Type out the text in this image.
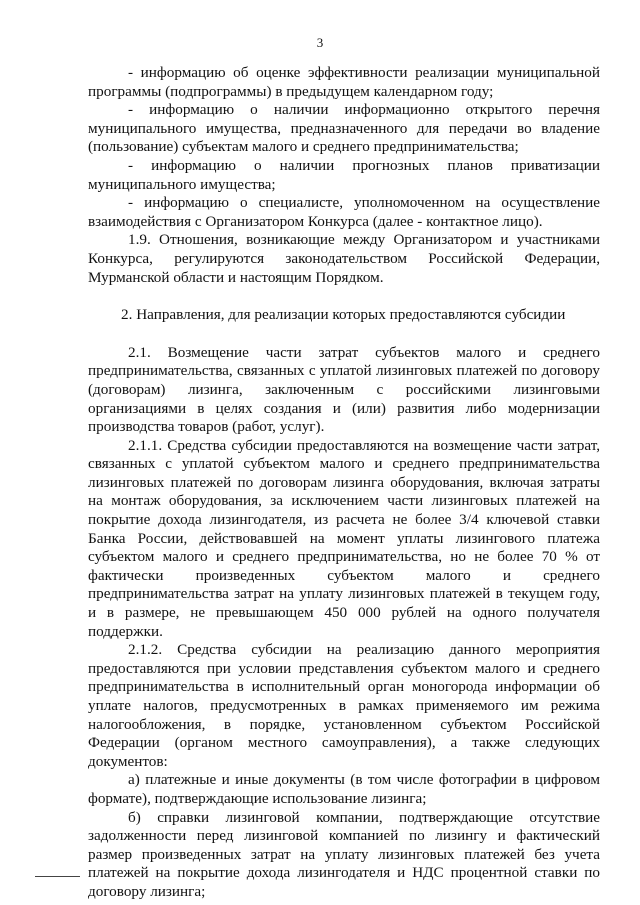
3

- информацию об оценке эффективности реализации муниципальной программы (подпрограммы) в предыдущем календарном году;

- информацию о наличии информационно открытого перечня муниципального имущества, предназначенного для передачи во владение (пользование) субъектам малого и среднего предпринимательства;

- информацию о наличии прогнозных планов приватизации муниципального имущества;

- информацию о специалисте, уполномоченном на осуществление взаимодействия с Организатором Конкурса (далее - контактное лицо).

1.9. Отношения, возникающие между Организатором и участниками Конкурса, регулируются законодательством Российской Федерации, Мурманской области и настоящим Порядком.

2. Направления, для реализации которых предоставляются субсидии

2.1. Возмещение части затрат субъектов малого и среднего предпринимательства, связанных с уплатой лизинговых платежей по договору (договорам) лизинга, заключенным с российскими лизинговыми организациями в целях создания и (или) развития либо модернизации производства товаров (работ, услуг).

2.1.1. Средства субсидии предоставляются на возмещение части затрат, связанных с уплатой субъектом малого и среднего предпринимательства лизинговых платежей по договорам лизинга оборудования, включая затраты на монтаж оборудования, за исключением части лизинговых платежей на покрытие дохода лизингодателя, из расчета не более 3/4 ключевой ставки Банка России, действовавшей на момент уплаты лизингового платежа субъектом малого и среднего предпринимательства, но не более 70 % от фактически произведенных субъектом малого и среднего предпринимательства затрат на уплату лизинговых платежей в текущем году, и в размере, не превышающем 450 000 рублей на одного получателя поддержки.

2.1.2. Средства субсидии на реализацию данного мероприятия предоставляются при условии представления субъектом малого и среднего предпринимательства в исполнительный орган моногорода информации об уплате налогов, предусмотренных в рамках применяемого им режима налогообложения, в порядке, установленном субъектом Российской Федерации (органом местного самоуправления), а также следующих документов:

а) платежные и иные документы (в том числе фотографии в цифровом формате), подтверждающие использование лизинга;

б) справки лизинговой компании, подтверждающие отсутствие задолженности перед лизинговой компанией по лизингу и фактический размер произведенных затрат на уплату лизинговых платежей без учета платежей на покрытие дохода лизингодателя и НДС процентной ставки по договору лизинга;
